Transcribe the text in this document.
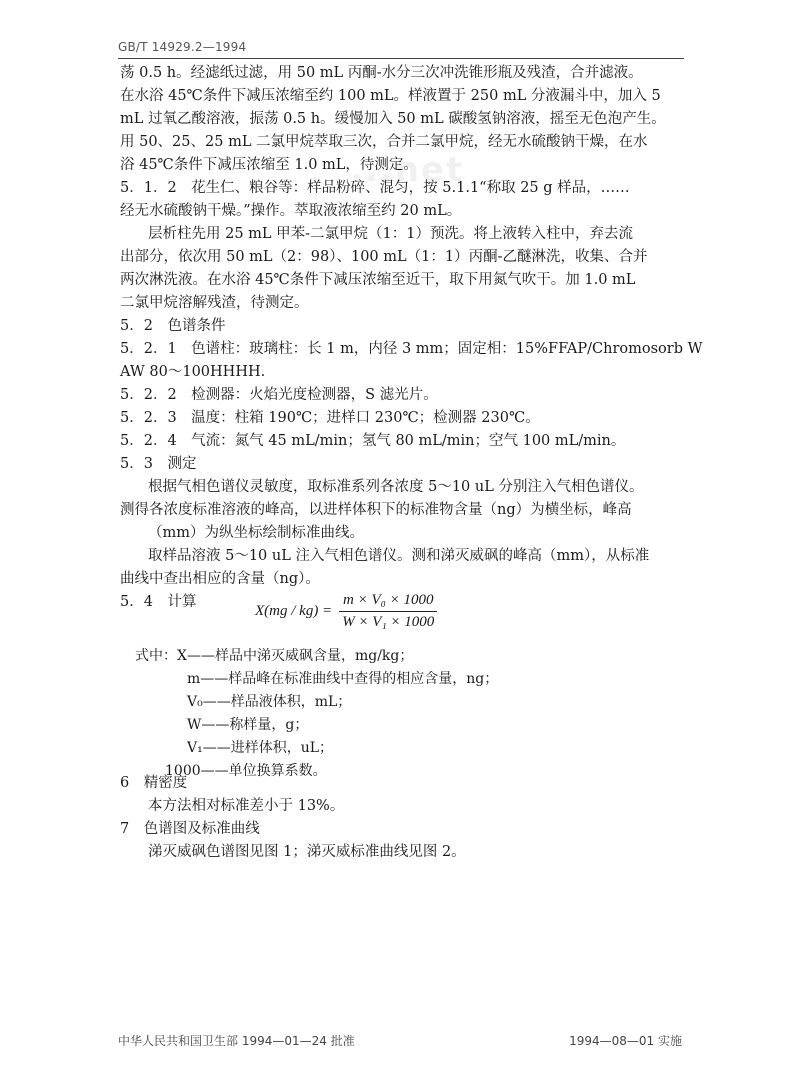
GB/T 14929.2—1994
...net
荡 0.5 h。经滤纸过滤，用 50 mL 丙酮-水分三次冲洗锥形瓶及残渣，合并滤液。
在水浴 45℃条件下减压浓缩至约 100 mL。样液置于 250 mL 分液漏斗中，加入 5
mL 过氧乙酸溶液，振荡 0.5 h。缓慢加入 50 mL 碳酸氢钠溶液，摇至无色泡产生。
用 50、25、25 mL 二氯甲烷萃取三次，合并二氯甲烷，经无水硫酸钠干燥，在水
浴 45℃条件下减压浓缩至 1.0 mL，待测定。
5．1．2　花生仁、粮谷等：样品粉碎、混匀，按 5.1.1“称取 25 g 样品，……
经无水硫酸钠干燥。”操作。萃取液浓缩至约 20 mL。
层析柱先用 25 mL 甲苯-二氯甲烷（1：1）预洗。将上液转入柱中，弃去流
出部分，依次用 50 mL（2：98）、100 mL（1：1）丙酮-乙醚淋洗，收集、合并
两次淋洗液。在水浴 45℃条件下减压浓缩至近干，取下用氮气吹干。加 1.0 mL
二氯甲烷溶解残渣，待测定。
5．2　色谱条件
5．2．1　色谱柱：玻璃柱：长 1 m，内径 3 mm；固定相：15%FFAP/Chromosorb W
AW 80～100HHHH.
5．2．2　检测器：火焰光度检测器，S 滤光片。
5．2．3　温度：柱箱 190℃；进样口 230℃；检测器 230℃。
5．2．4　气流：氮气 45 mL/min；氢气 80 mL/min；空气 100 mL/min。
5．3　测定
根据气相色谱仪灵敏度，取标准系列各浓度 5～10 uL 分别注入气相色谱仪。
测得各浓度标准溶液的峰高，以进样体积下的标准物含量（ng）为横坐标，峰高
（mm）为纵坐标绘制标准曲线。
取样品溶液 5～10 uL 注入气相色谱仪。测和涕灭威砜的峰高（mm），从标准
曲线中查出相应的含量（ng）。
5．4　计算
$X(mg / kg) = \frac{\text{m × V₀ × 1000}}{\text{W × V₁ × 1000}}$
式中：X——样品中涕灭威砜含量，mg/kg；
m——样品峰在标准曲线中查得的相应含量，ng；
V₀——样品液体积，mL；
W——称样量，g；
V₁——进样体积，uL；
1000——单位换算系数。
6　精密度
本方法相对标准差小于 13%。
7　色谱图及标准曲线
涕灭威砜色谱图见图 1；涕灭威标准曲线见图 2。
中华人民共和国卫生部 1994—01—24 批准	1994—08—01 实施
